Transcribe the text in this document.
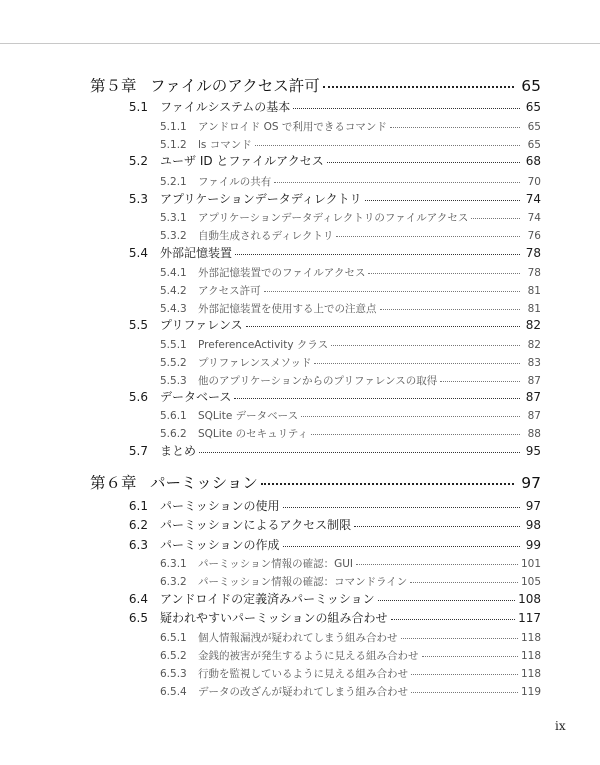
第５章 ファイルのアクセス許可	65
5.1 ファイルシステムの基本	65
5.1.1	アンドロイド OS で利用できるコマンド	65
5.1.2	ls コマンド	65
5.2 ユーザ ID とファイルアクセス	68
5.2.1	ファイルの共有	70
5.3 アプリケーションデータディレクトリ	74
5.3.1	アプリケーションデータディレクトリのファイルアクセス	74
5.3.2	自動生成されるディレクトリ	76
5.4 外部記憶装置	78
5.4.1	外部記憶装置でのファイルアクセス	78
5.4.2	アクセス許可	81
5.4.3	外部記憶装置を使用する上での注意点	81
5.5 プリファレンス	82
5.5.1	PreferenceActivity クラス	82
5.5.2	プリファレンスメソッド	83
5.5.3	他のアプリケーションからのプリファレンスの取得	87
5.6 データベース	87
5.6.1	SQLite データベース	87
5.6.2	SQLite のセキュリティ	88
5.7 まとめ	95
第６章 パーミッション	97
6.1 パーミッションの使用	97
6.2 パーミッションによるアクセス制限	98
6.3 パーミッションの作成	99
6.3.1	パーミッション情報の確認：GUI	101
6.3.2	パーミッション情報の確認：コマンドライン	105
6.4 アンドロイドの定義済みパーミッション	108
6.5 疑われやすいパーミッションの組み合わせ	117
6.5.1	個人情報漏洩が疑われてしまう組み合わせ	118
6.5.2	金銭的被害が発生するように見える組み合わせ	118
6.5.3	行動を監視しているように見える組み合わせ	118
6.5.4	データの改ざんが疑われてしまう組み合わせ	119
ix
